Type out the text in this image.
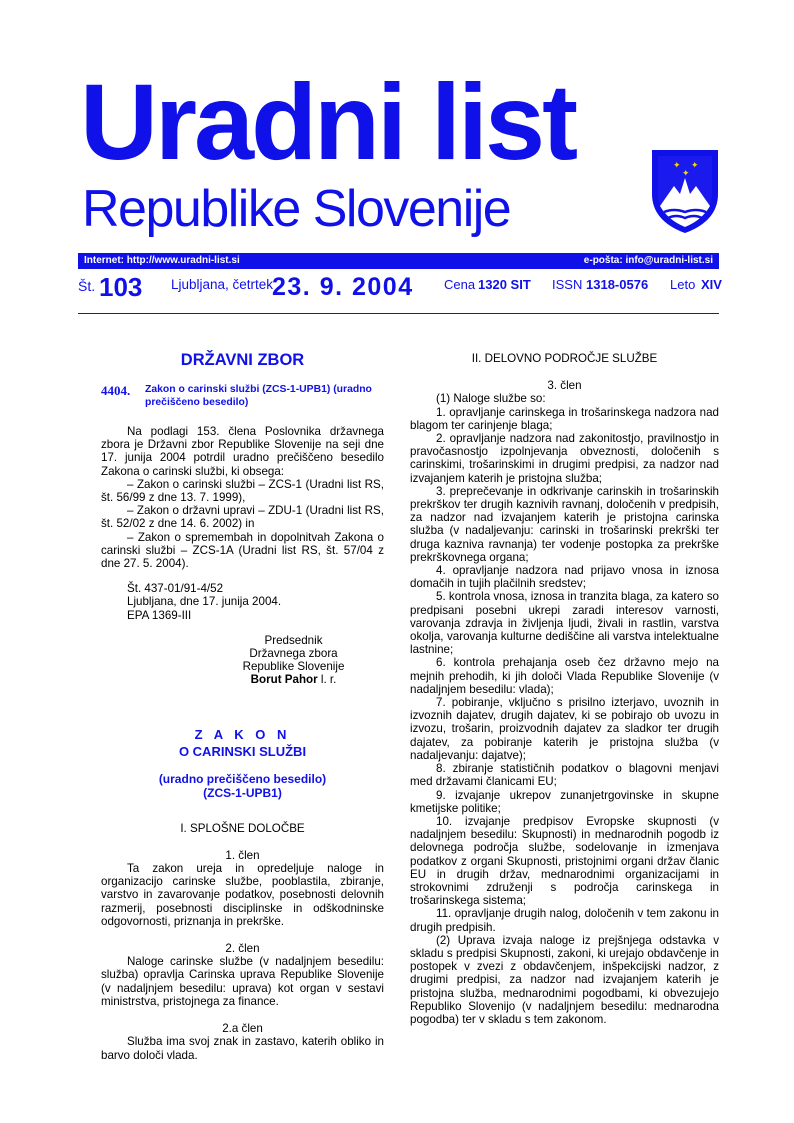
Uradni list
Republike Slovenije
✦ ✦
✦
Internet: http://www.uradni-list.si	e-pošta: info@uradni-list.si
Št. 103 Ljubljana, četrtek
23. 9. 2004 Cena 1320 SIT ISSN 1318-0576 Leto XIV

DRŽAVNI ZBOR

4404.	Zakon o carinski službi (ZCS-1-UPB1) (uradno prečiščeno besedilo)

Na podlagi 153. člena Poslovnika državnega zbora je Državni zbor Republike Slovenije na seji dne 17. junija 2004 potrdil uradno prečiščeno besedilo Zakona o carinski službi, ki obsega:

– Zakon o carinski službi – ZCS-1 (Uradni list RS, št. 56/99 z dne 13. 7. 1999),

– Zakon o državni upravi – ZDU-1 (Uradni list RS, št. 52/02 z dne 14. 6. 2002) in

– Zakon o spremembah in dopolnitvah Zakona o carinski službi – ZCS-1A (Uradni list RS, št. 57/04 z dne 27. 5. 2004).

Št. 437-01/91-4/52

Ljubljana, dne 17. junija 2004.

EPA 1369-III

Predsednik
Državnega zbora
Republike Slovenije
Borut Pahor l. r.

Z A K O N

O CARINSKI SLUŽBI

(uradno prečiščeno besedilo)

(ZCS-1-UPB1)

I. SPLOŠNE DOLOČBE

1. člen

Ta zakon ureja in opredeljuje naloge in organizacijo carinske službe, pooblastila, zbiranje, varstvo in zavarovanje podatkov, posebnosti delovnih razmerij, posebnosti disciplinske in odškodninske odgovornosti, priznanja in prekrške.

2. člen

Naloge carinske službe (v nadaljnjem besedilu: služba) opravlja Carinska uprava Republike Slovenije (v nadaljnjem besedilu: uprava) kot organ v sestavi ministrstva, pristojnega za finance.

2.a člen

Služba ima svoj znak in zastavo, katerih obliko in barvo določi vlada.

II. DELOVNO PODROČJE SLUŽBE

3. člen

(1) Naloge službe so:

1. opravljanje carinskega in trošarinskega nadzora nad blagom ter carinjenje blaga;

2. opravljanje nadzora nad zakonitostjo, pravilnostjo in pravočasnostjo izpolnjevanja obveznosti, določenih s carinskimi, trošarinskimi in drugimi predpisi, za nadzor nad izvajanjem katerih je pristojna služba;

3. preprečevanje in odkrivanje carinskih in trošarinskih prekrškov ter drugih kaznivih ravnanj, določenih v predpisih, za nadzor nad izvajanjem katerih je pristojna carinska služba (v nadaljevanju: carinski in trošarinski prekrški ter druga kazniva ravnanja) ter vodenje postopka za prekrške prekrškovnega organa;

4. opravljanje nadzora nad prijavo vnosa in iznosa domačih in tujih plačilnih sredstev;

5. kontrola vnosa, iznosa in tranzita blaga, za katero so predpisani posebni ukrepi zaradi interesov varnosti, varovanja zdravja in življenja ljudi, živali in rastlin, varstva okolja, varovanja kulturne dediščine ali varstva intelektualne lastnine;

6. kontrola prehajanja oseb čez državno mejo na mejnih prehodih, ki jih določi Vlada Republike Slovenije (v nadaljnjem besedilu: vlada);

7. pobiranje, vključno s prisilno izterjavo, uvoznih in izvoznih dajatev, drugih dajatev, ki se pobirajo ob uvozu in izvozu, trošarin, proizvodnih dajatev za sladkor ter drugih dajatev, za pobiranje katerih je pristojna služba (v nadaljevanju: dajatve);

8. zbiranje statističnih podatkov o blagovni menjavi med državami članicami EU;

9. izvajanje ukrepov zunanjetrgovinske in skupne kmetijske politike;

10. izvajanje predpisov Evropske skupnosti (v nadaljnjem besedilu: Skupnosti) in mednarodnih pogodb iz delovnega področja službe, sodelovanje in izmenjava podatkov z organi Skupnosti, pristojnimi organi držav članic EU in drugih držav, mednarodnimi organizacijami in strokovnimi združenji s področja carinskega in trošarinskega sistema;

11. opravljanje drugih nalog, določenih v tem zakonu in drugih predpisih.

(2) Uprava izvaja naloge iz prejšnjega odstavka v skladu s predpisi Skupnosti, zakoni, ki urejajo obdavčenje in postopek v zvezi z obdavčenjem, inšpekcijski nadzor, z drugimi predpisi, za nadzor nad izvajanjem katerih je pristojna služba, mednarodnimi pogodbami, ki obvezujejo Republiko Slovenijo (v nadaljnjem besedilu: mednarodna pogodba) ter v skladu s tem zakonom.
